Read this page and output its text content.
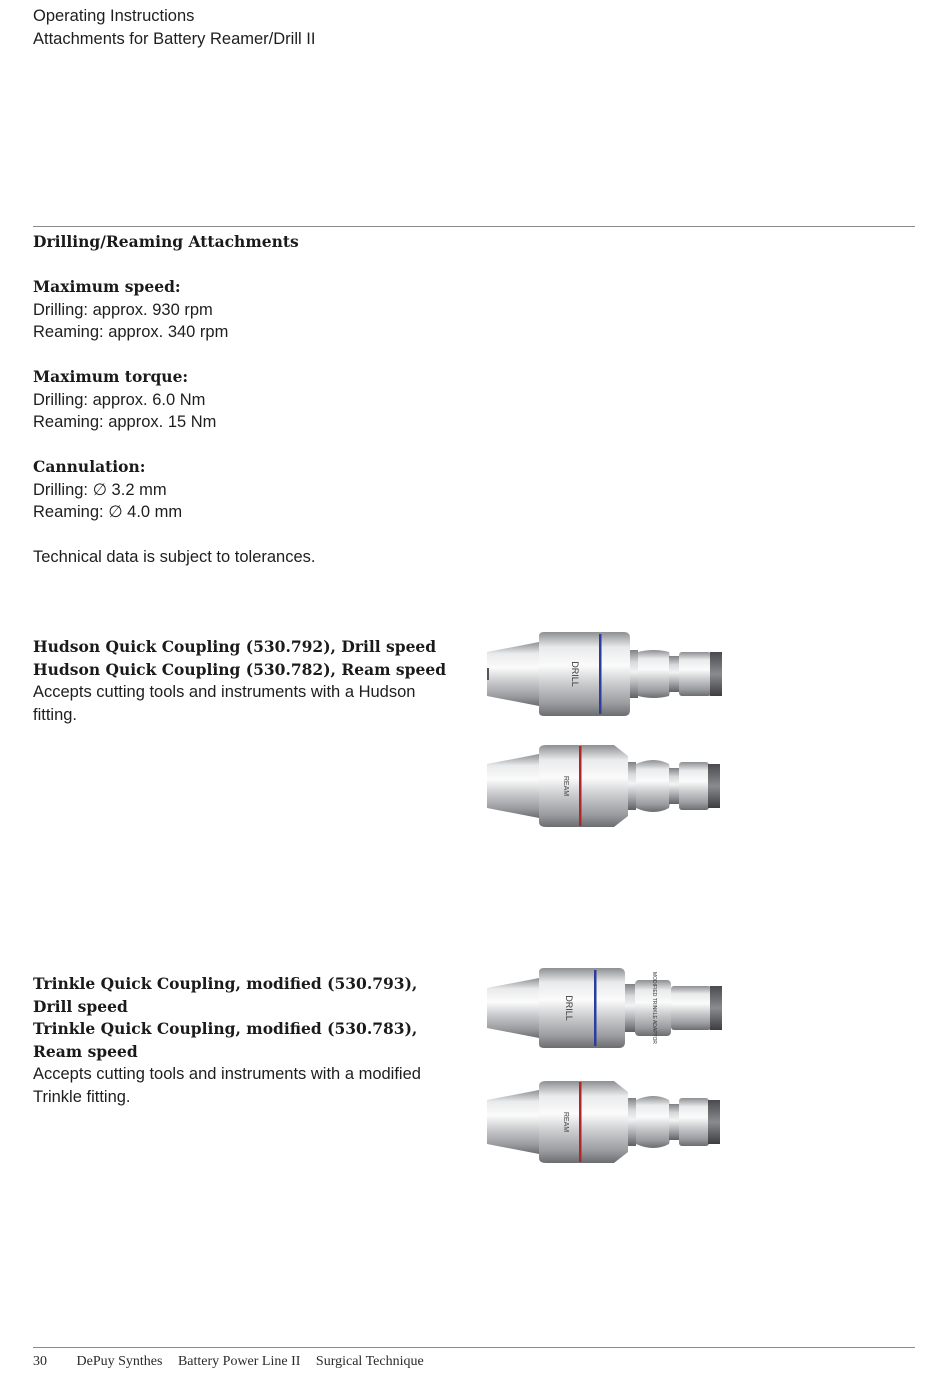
Operating Instructions
Attachments for Battery Reamer/Drill II
Drilling/Reaming Attachments
Maximum speed:
Drilling: approx. 930 rpm
Reaming: approx. 340 rpm
Maximum torque:
Drilling: approx. 6.0 Nm
Reaming: approx. 15 Nm
Cannulation:
Drilling: ∅ 3.2 mm
Reaming: ∅ 4.0 mm
Technical data is subject to tolerances.
Hudson Quick Coupling (530.792), Drill speed
Hudson Quick Coupling (530.782), Ream speed
Accepts cutting tools and instruments with a Hudson
fitting.
DRILL
REAM
Trinkle Quick Coupling, modified (530.793),
Drill speed
Trinkle Quick Coupling, modified (530.783),
Ream speed
Accepts cutting tools and instruments with a modified
Trinkle fitting.
DRILL	MODIFIED TRINKLE ADAPTOR
REAM
30 DePuy Synthes Battery Power Line II Surgical Technique
